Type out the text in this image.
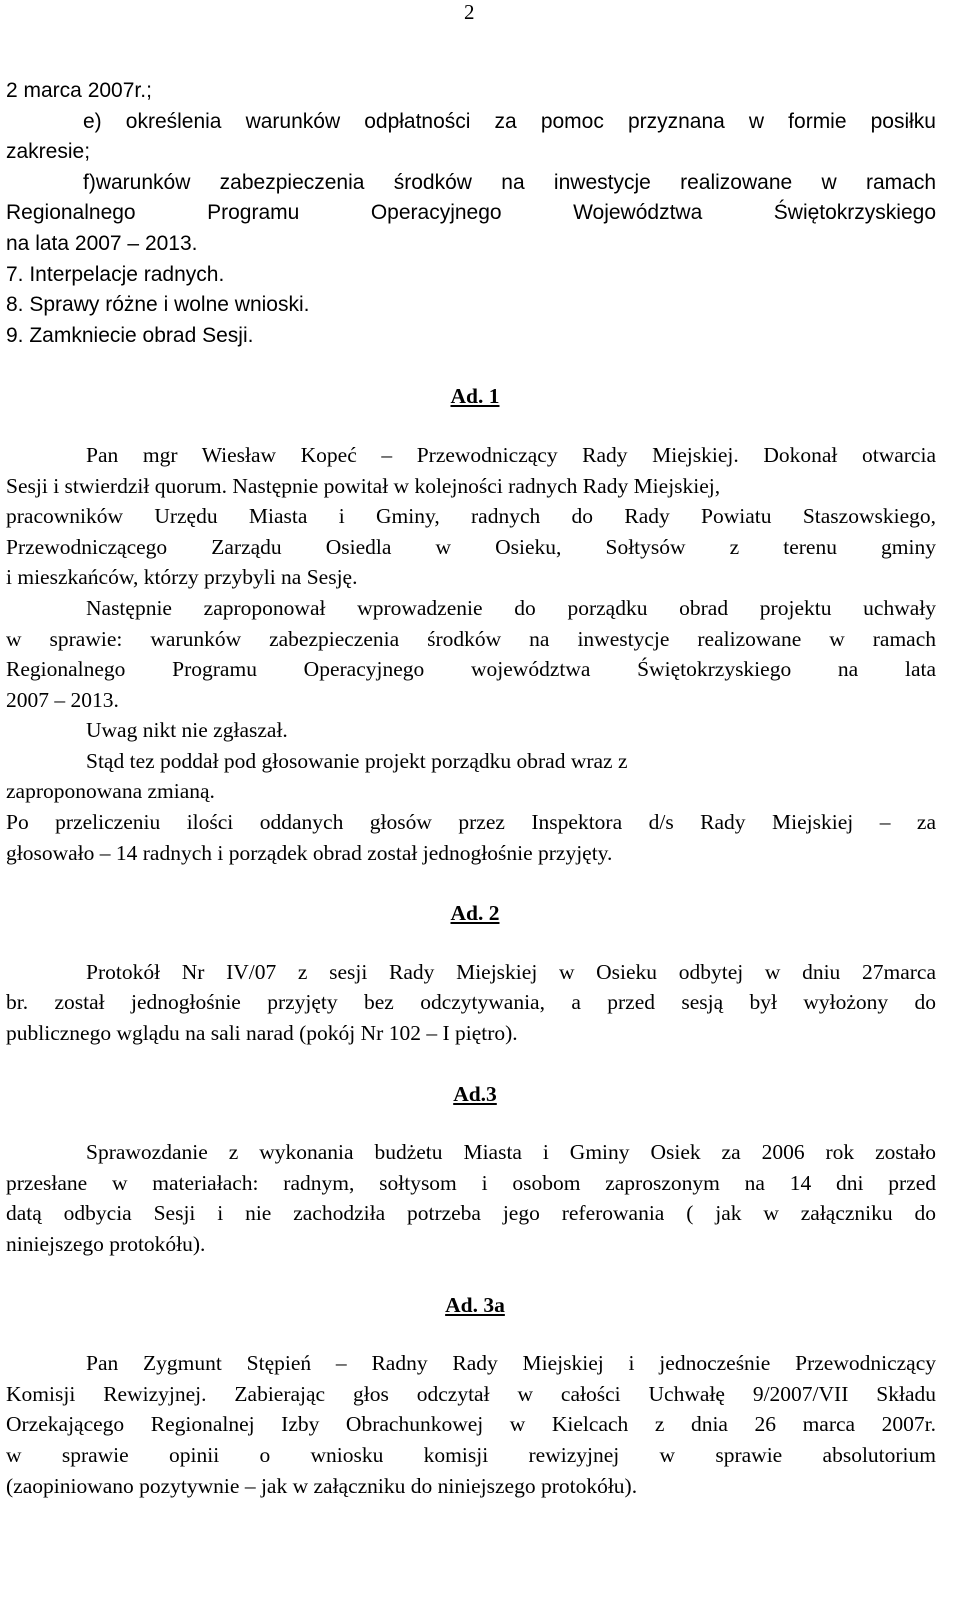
2

2 marca 2007r.;

e) określenia warunków odpłatności za pomoc przyznana w formie posiłku

zakresie;

f)warunków zabezpieczenia środków na inwestycje realizowane w ramach

Regionalnego Programu Operacyjnego Województwa Świętokrzyskiego

na lata 2007 – 2013.

7. Interpelacje radnych.

8. Sprawy różne i wolne wnioski.

9. Zamkniecie obrad Sesji.

Ad. 1

Pan mgr Wiesław Kopeć – Przewodniczący Rady Miejskiej. Dokonał otwarcia

Sesji i stwierdził quorum. Następnie powitał w kolejności radnych Rady Miejskiej,

pracowników Urzędu Miasta i Gminy, radnych do Rady Powiatu Staszowskiego,

Przewodniczącego Zarządu Osiedla w Osieku, Sołtysów z terenu gminy

i mieszkańców, którzy przybyli na Sesję.

Następnie zaproponował wprowadzenie do porządku obrad projektu uchwały

w sprawie: warunków zabezpieczenia środków na inwestycje realizowane w ramach

Regionalnego Programu Operacyjnego województwa Świętokrzyskiego na lata

2007 – 2013.

Uwag nikt nie zgłaszał.

Stąd tez poddał pod głosowanie projekt porządku obrad wraz z

zaproponowana zmianą.

Po przeliczeniu ilości oddanych głosów przez Inspektora d/s Rady Miejskiej – za

głosowało – 14 radnych i porządek obrad został jednogłośnie przyjęty.

Ad. 2

Protokół Nr IV/07 z sesji Rady Miejskiej w Osieku odbytej w dniu 27marca

br. został jednogłośnie przyjęty bez odczytywania, a przed sesją był wyłożony do

publicznego wglądu na sali narad (pokój Nr 102 – I piętro).

Ad.3

Sprawozdanie z wykonania budżetu Miasta i Gminy Osiek za 2006 rok zostało

przesłane w materiałach: radnym, sołtysom i osobom zaproszonym na 14 dni przed

datą odbycia Sesji i nie zachodziła potrzeba jego referowania ( jak w załączniku do

niniejszego protokółu).

Ad. 3a

Pan Zygmunt Stępień – Radny Rady Miejskiej i jednocześnie Przewodniczący

Komisji Rewizyjnej. Zabierając głos odczytał w całości Uchwałę 9/2007/VII Składu

Orzekającego Regionalnej Izby Obrachunkowej w Kielcach z dnia 26 marca 2007r.

w sprawie opinii o wniosku komisji rewizyjnej w sprawie absolutorium

(zaopiniowano pozytywnie – jak w załączniku do niniejszego protokółu).
